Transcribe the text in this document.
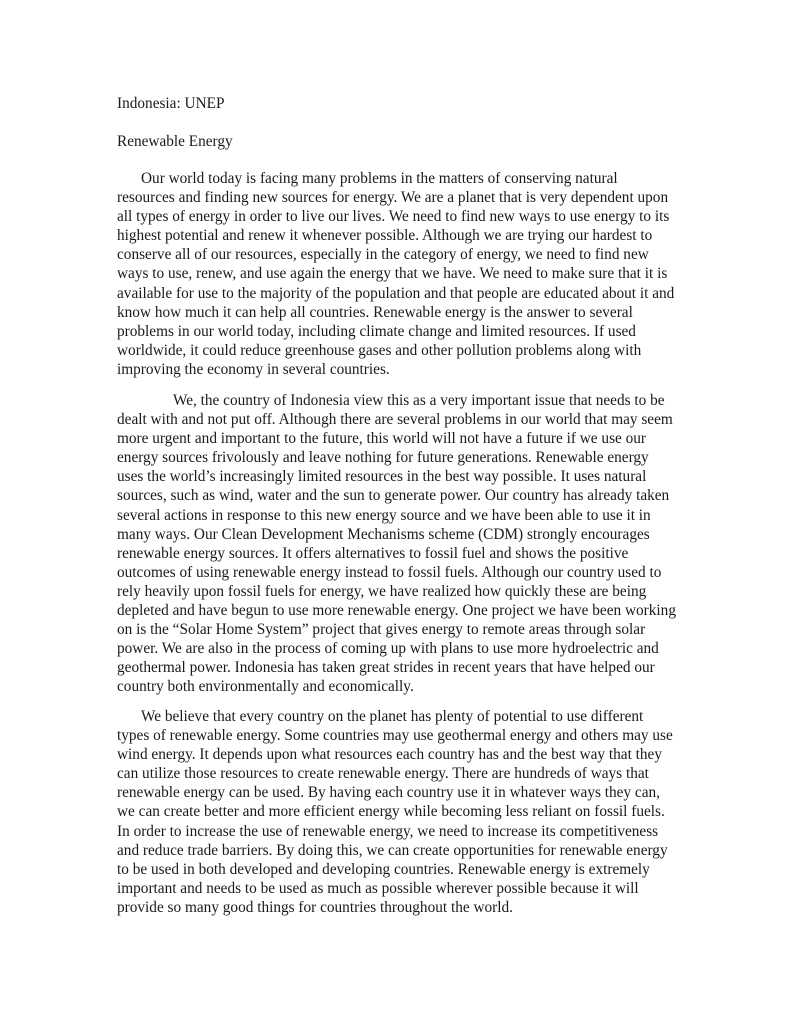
Indonesia: UNEP

Renewable Energy

Our world today is facing many problems in the matters of conserving natural resources and finding new sources for energy. We are a planet that is very dependent upon all types of energy in order to live our lives. We need to find new ways to use energy to its highest potential and renew it whenever possible. Although we are trying our hardest to conserve all of our resources, especially in the category of energy, we need to find new ways to use, renew, and use again the energy that we have. We need to make sure that it is available for use to the majority of the population and that people are educated about it and know how much it can help all countries. Renewable energy is the answer to several problems in our world today, including climate change and limited resources. If used worldwide, it could reduce greenhouse gases and other pollution problems along with improving the economy in several countries.

We, the country of Indonesia view this as a very important issue that needs to be dealt with and not put off. Although there are several problems in our world that may seem more urgent and important to the future, this world will not have a future if we use our energy sources frivolously and leave nothing for future generations. Renewable energy uses the world’s increasingly limited resources in the best way possible. It uses natural sources, such as wind, water and the sun to generate power. Our country has already taken several actions in response to this new energy source and we have been able to use it in many ways. Our Clean Development Mechanisms scheme (CDM) strongly encourages renewable energy sources. It offers alternatives to fossil fuel and shows the positive outcomes of using renewable energy instead to fossil fuels. Although our country used to rely heavily upon fossil fuels for energy, we have realized how quickly these are being depleted and have begun to use more renewable energy. One project we have been working on is the “Solar Home System” project that gives energy to remote areas through solar power. We are also in the process of coming up with plans to use more hydroelectric and geothermal power. Indonesia has taken great strides in recent years that have helped our country both environmentally and economically.

We believe that every country on the planet has plenty of potential to use different types of renewable energy. Some countries may use geothermal energy and others may use wind energy. It depends upon what resources each country has and the best way that they can utilize those resources to create renewable energy. There are hundreds of ways that renewable energy can be used. By having each country use it in whatever ways they can, we can create better and more efficient energy while becoming less reliant on fossil fuels. In order to increase the use of renewable energy, we need to increase its competitiveness and reduce trade barriers. By doing this, we can create opportunities for renewable energy to be used in both developed and developing countries. Renewable energy is extremely important and needs to be used as much as possible wherever possible because it will provide so many good things for countries throughout the world.
